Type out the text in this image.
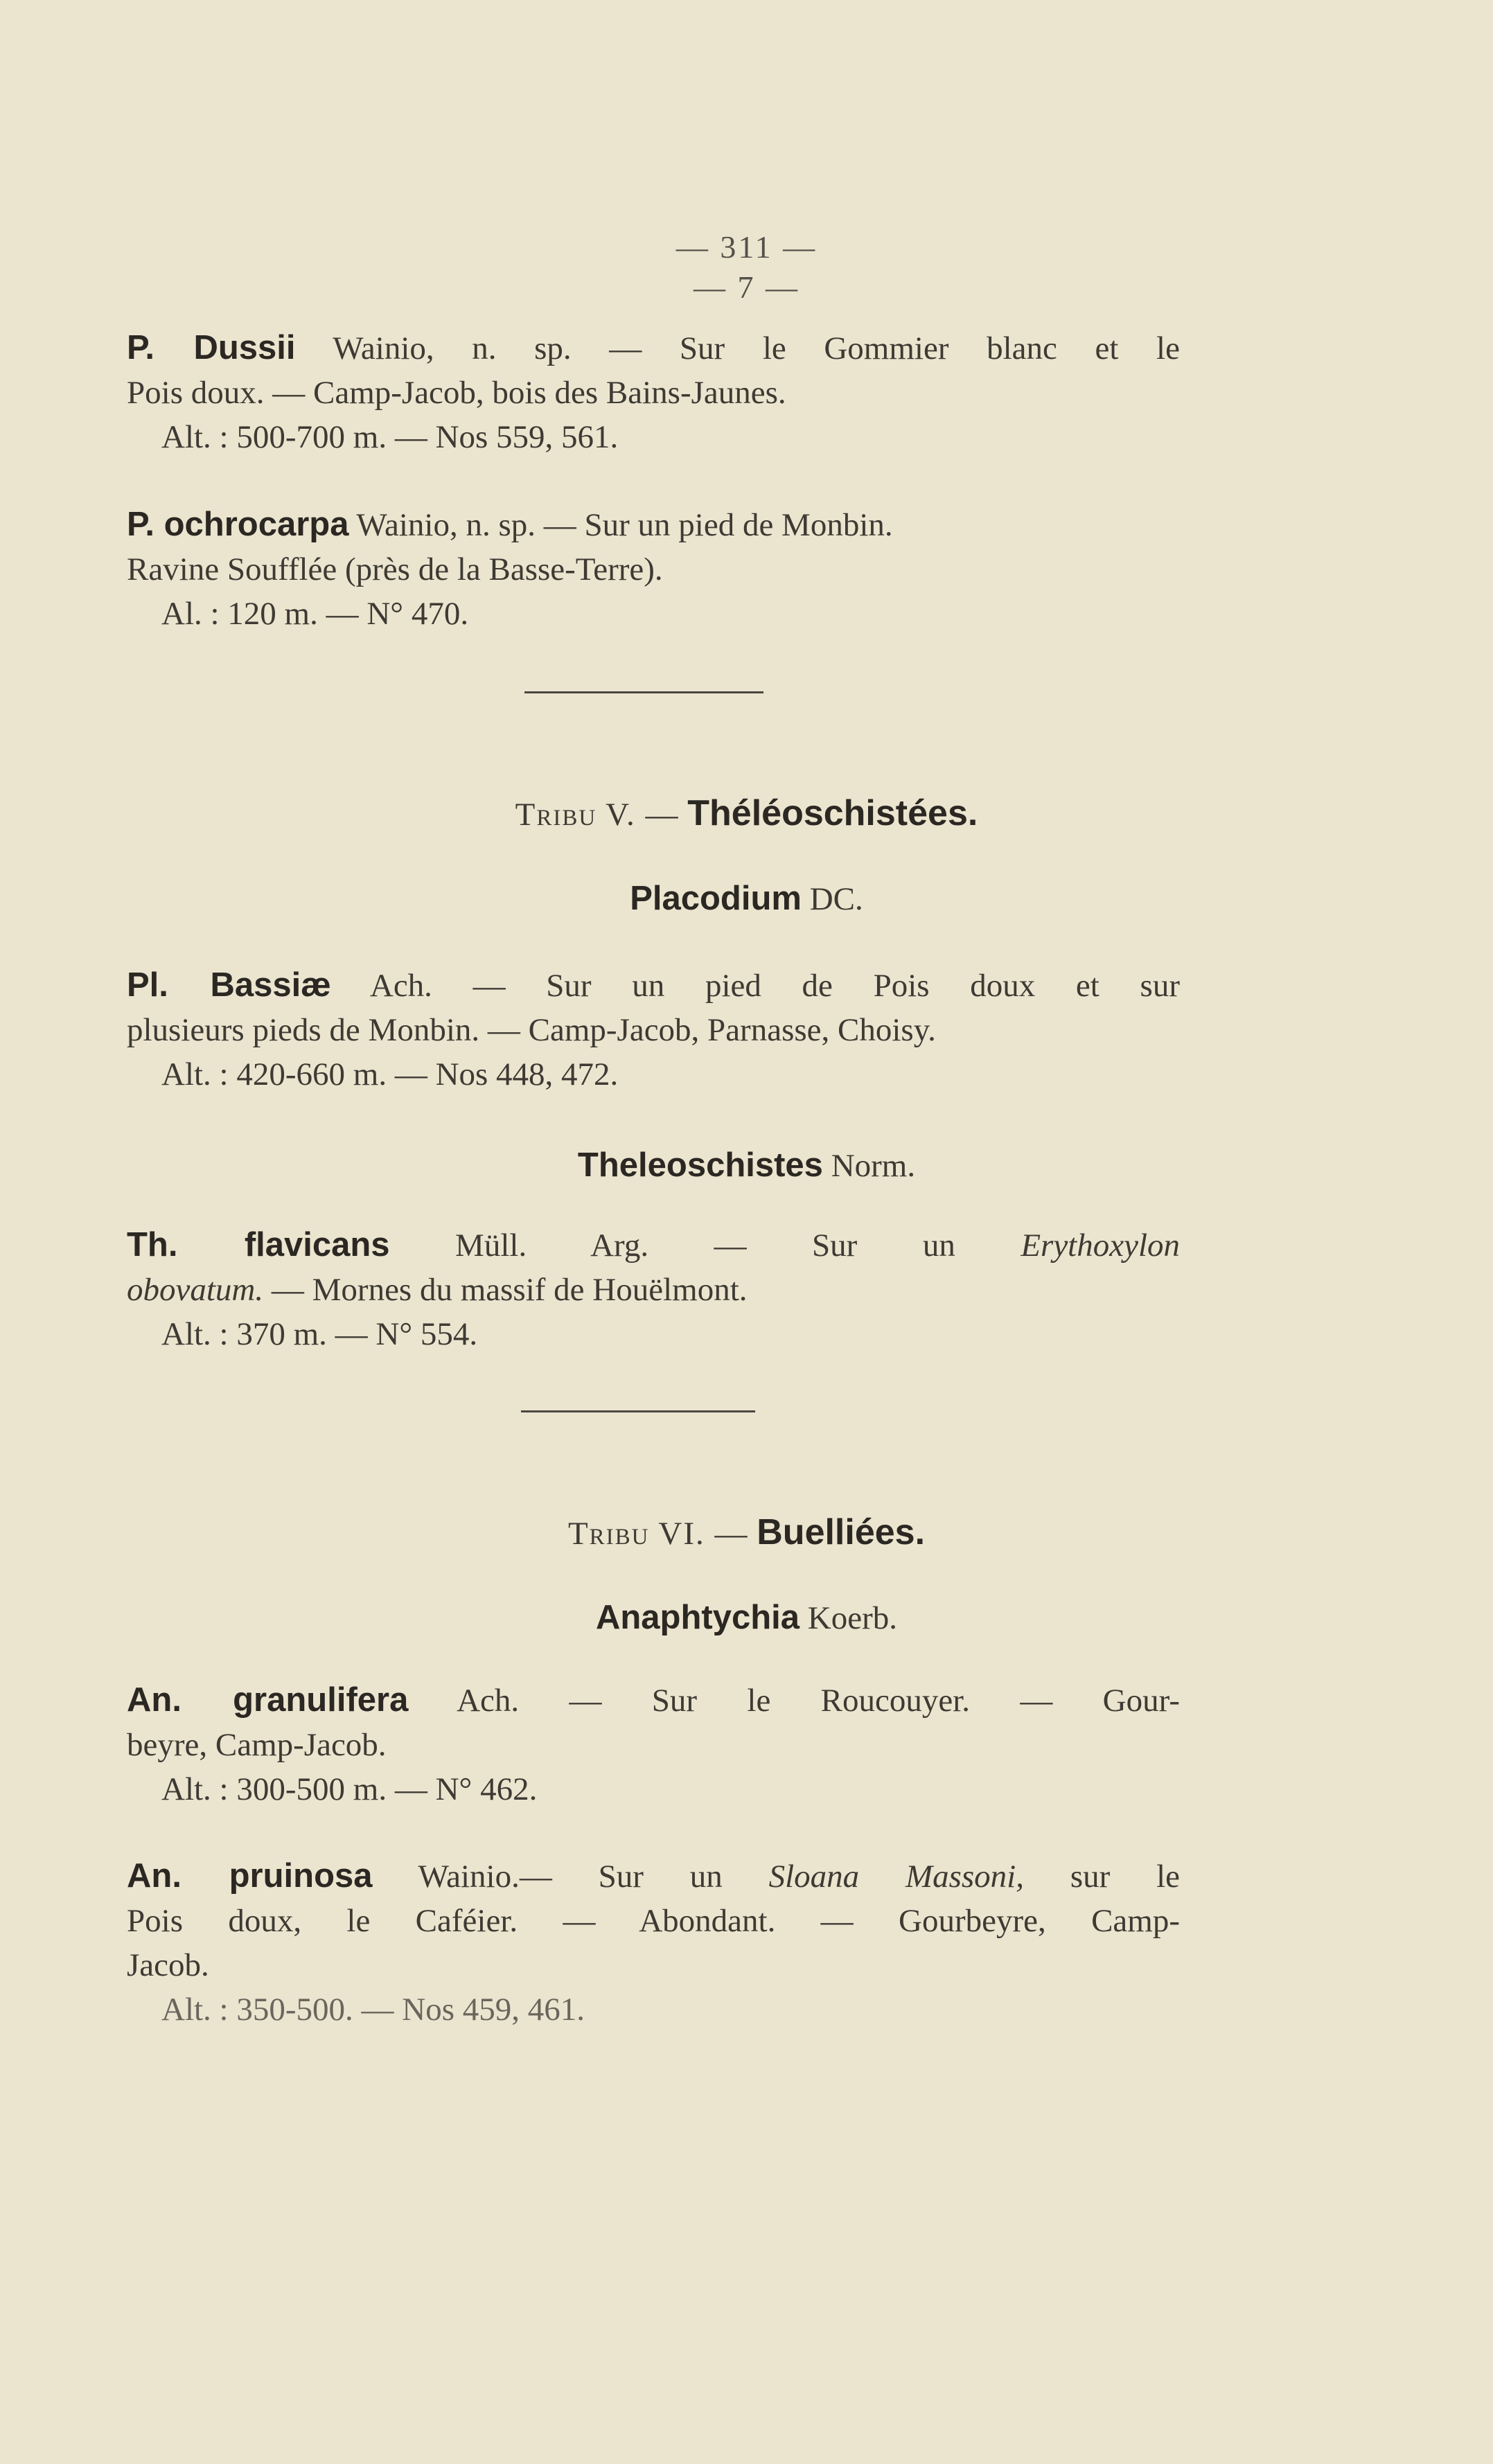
— 311 —
— 7 —
P. Dussii Wainio, n. sp. — Sur le Gommier blanc et le
Pois doux. — Camp-Jacob, bois des Bains-Jaunes.
Alt. : 500-700 m. — Nos 559, 561.
P. ochrocarpa Wainio, n. sp. — Sur un pied de Monbin.
Ravine Soufflée (près de la Basse-Terre).
Al. : 120 m. — N° 470.
Tribu V. — Théléoschistées.
Placodium DC.
Pl. Bassiæ Ach. — Sur un pied de Pois doux et sur
plusieurs pieds de Monbin. — Camp-Jacob, Parnasse, Choisy.
Alt. : 420-660 m. — Nos 448, 472.
Theleoschistes Norm.
Th. flavicans Müll. Arg. — Sur un Erythoxylon
obovatum. — Mornes du massif de Houëlmont.
Alt. : 370 m. — N° 554.
Tribu VI. — Buelliées.
Anaphtychia Koerb.
An. granulifera Ach. — Sur le Roucouyer. — Gour-
beyre, Camp-Jacob.
Alt. : 300-500 m. — N° 462.
An. pruinosa Wainio.— Sur un Sloana Massoni, sur le
Pois doux, le Caféier. — Abondant. — Gourbeyre, Camp-
Jacob.
Alt. : 350-500. — Nos 459, 461.
